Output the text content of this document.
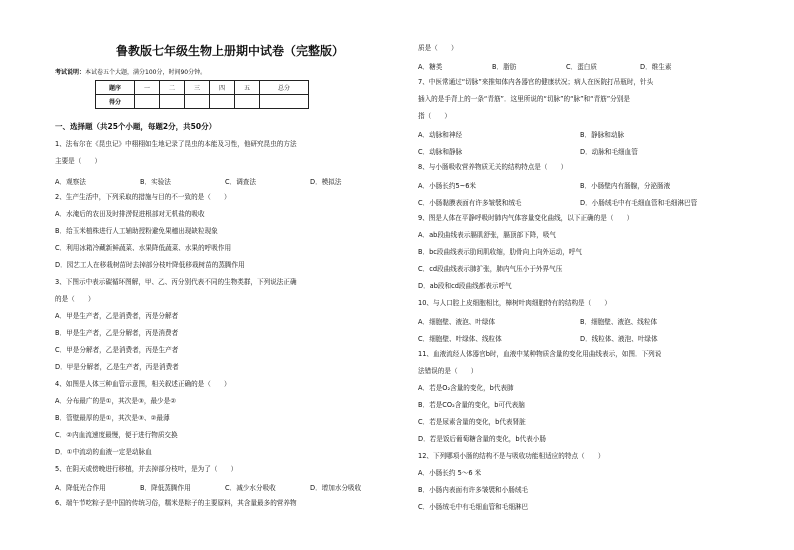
鲁教版七年级生物上册期中试卷（完整版）
考试说明：本试卷五个大题，满分100分，时间90分钟。
题序	一	二	三	四	五	总分
得分						
一、选择题（共25个小题，每题2分，共50分）
1、法布尔在《昆虫记》中栩栩如生地记录了昆虫的本能及习性，他研究昆虫的方法
主要是（　　）
A．观察法	B．实验法	C．调查法	D．模拟法
2、生产生活中，下列采取的措施与目的不一致的是（　　）
A．水淹后的农田及时排涝促进根部对无机盐的吸收
B．给玉米植株进行人工辅助授粉避免果穗出现缺粒现象
C．利用冰箱冷藏新鲜蔬菜、水果降低蔬菜、水果的呼吸作用
D．园艺工人在移栽树苗时去掉部分枝叶降低移栽树苗的蒸腾作用
3、下图示中表示碳循环图解，甲、乙、丙分别代表不同的生物类群，下列说法正确
的是（　　）
A．甲是生产者，乙是消费者，丙是分解者
B．甲是生产者，乙是分解者，丙是消费者
C．甲是分解者，乙是消费者，丙是生产者
D．甲是分解者，乙是生产者，丙是消费者
4、如图是人体三种血管示意图，相关叙述正确的是（　　）
A．分布最广的是①，其次是③，最少是②
B．管壁最厚的是①，其次是③、②最薄
C．②内血流速度最慢，便于进行物质交换
D．①中流动的血液一定是动脉血
5、在阴天或傍晚进行移植，并去掉部分枝叶，是为了（　　）
A．降低光合作用	B．降低蒸腾作用	C．减少水分吸收	D．增加水分吸收
6、端午节吃粽子是中国的传统习俗，糯米是粽子的主要原料，其含量最多的营养物
质是（　　）
A．糖类	B．脂肪	C．蛋白质	D．维生素
7、中医常通过“切脉”来推知体内各器官的健康状况；病人在医院打吊瓶时，针头
插入的是手背上的一条“青筋”．这里所说的“切脉”的“脉”和“青筋”分别是
指（　　）
A．动脉和神经	B．静脉和动脉
C．动脉和静脉	D．动脉和毛细血管
8、与小肠吸收营养物质无关的结构特点是（　　）
A．小肠长约5~6米	B．小肠壁内有肠腺，分泌肠液
C．小肠黏膜表面有许多皱襞和绒毛	D．小肠绒毛中有毛细血管和毛细淋巴管
9、图是人体在平静呼吸时肺内气体容量变化曲线，以下正确的是（　　）
A．ab段曲线表示膈肌舒张，膈顶部下降，吸气
B．bc段曲线表示肋间肌收缩，肋骨向上向外运动，呼气
C．cd段曲线表示肺扩张，肺内气压小于外界气压
D．ab段和cd段曲线都表示呼气
10、与人口腔上皮细胞相比，樟树叶肉细胞特有的结构是（　　）
A．细胞壁、液泡、叶绿体	B．细胞壁、液泡、线粒体
C．细胞壁、叶绿体、线粒体	D．线粒体、液泡、叶绿体
11、血液流经人体器官b时，血液中某种物质含量的变化用曲线表示，如图．下列说
法错误的是（　　）
A．若是O₂含量的变化，b代表肺
B．若是CO₂含量的变化，b可代表脑
C．若是尿素含量的变化，b代表肾脏
D．若是饭后葡萄糖含量的变化，b代表小肠
12、下列哪项小肠的结构不是与吸收功能相适应的特点（　　）
A．小肠长约 5～6 米
B．小肠内表面有许多皱襞和小肠绒毛
C．小肠绒毛中有毛细血管和毛细淋巴
